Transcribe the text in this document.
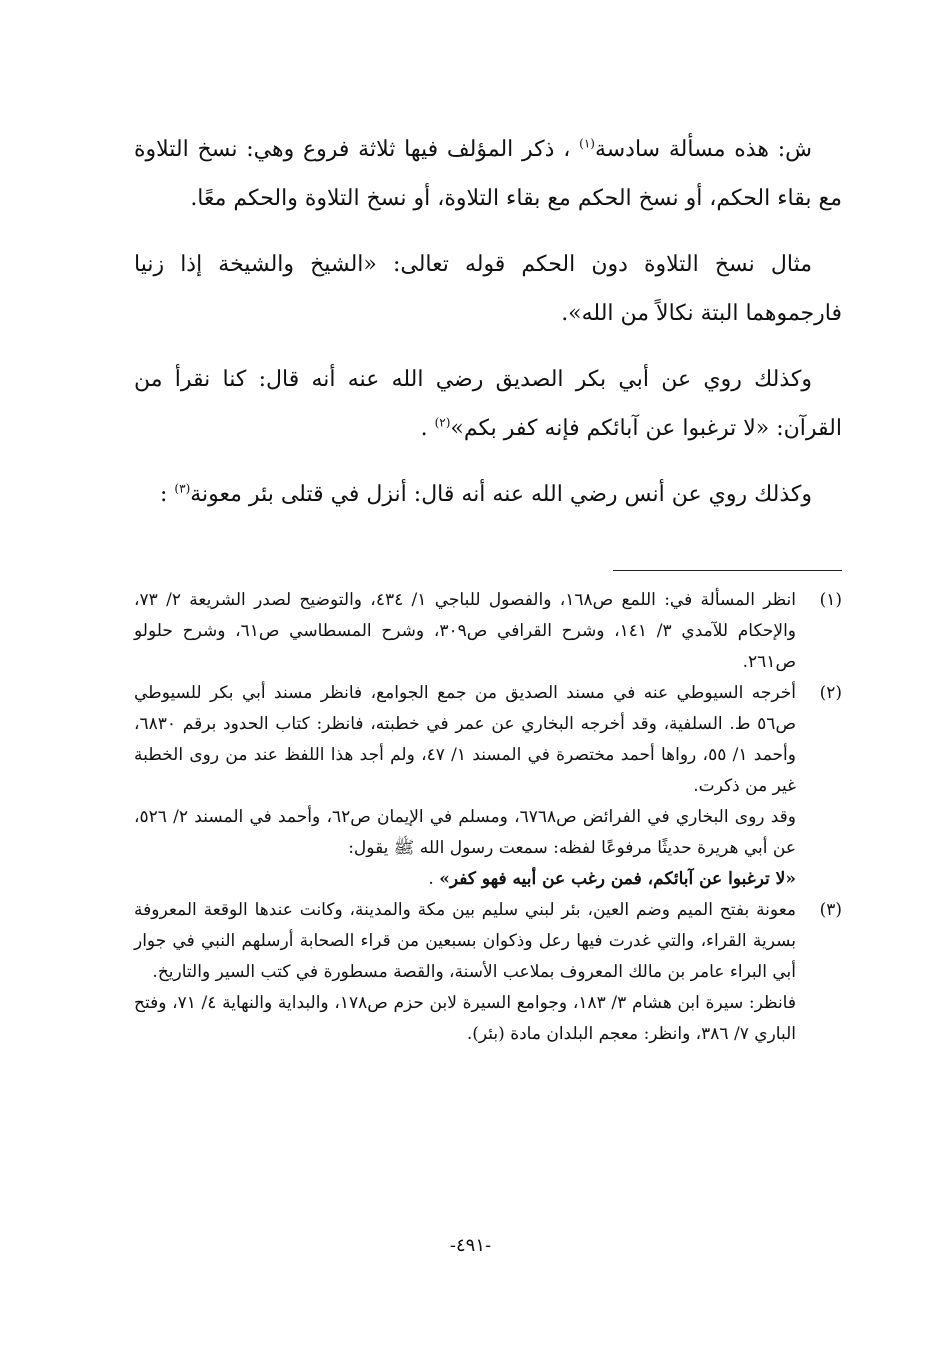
ش: هذه مسألة سادسة$^{(١)}$ ، ذكر المؤلف فيها ثلاثة فروع وهي: نسخ التلاوة مع بقاء الحكم، أو نسخ الحكم مع بقاء التلاوة، أو نسخ التلاوة والحكم معًا.

مثال نسخ التلاوة دون الحكم قوله تعالى: «الشيخ والشيخة إذا زنيا فارجموهما البتة نكالاً من الله».

وكذلك روي عن أبي بكر الصديق رضي الله عنه أنه قال: كنا نقرأ من القرآن: «لا ترغبوا عن آبائكم فإنه كفر بكم»$^{(٢)}$ .

وكذلك روي عن أنس رضي الله عنه أنه قال: أنزل في قتلى بئر معونة$^{(٣)}$ :

(١)

انظر المسألة في: اللمع ص١٦٨، والفصول للباجي ١/ ٤٣٤، والتوضيح لصدر الشريعة ٢/ ٧٣، والإحكام للآمدي ٣/ ١٤١، وشرح القرافي ص٣٠٩، وشرح المسطاسي ص٦١، وشرح حلولو ص٢٦١.

(٢)

أخرجه السيوطي عنه في مسند الصديق من جمع الجوامع، فانظر مسند أبي بكر للسيوطي ص٥٦ ط. السلفية، وقد أخرجه البخاري عن عمر في خطبته، فانظر: كتاب الحدود برقم ٦٨٣٠، وأحمد ١/ ٥٥، رواها أحمد مختصرة في المسند ١/ ٤٧، ولم أجد هذا اللفظ عند من روى الخطبة غير من ذكرت.

وقد روى البخاري في الفرائض ص٦٧٦٨، ومسلم في الإيمان ص٦٢، وأحمد في المسند ٢/ ٥٢٦، عن أبي هريرة حديثًا مرفوعًا لفظه: سمعت رسول الله ﷺ يقول:

«لا ترغبوا عن آبائكم، فمن رغب عن أبيه فهو كفر» .

(٣)

معونة بفتح الميم وضم العين، بئر لبني سليم بين مكة والمدينة، وكانت عندها الوقعة المعروفة بسرية القراء، والتي غدرت فيها رعل وذكوان بسبعين من قراء الصحابة أرسلهم النبي في جوار أبي البراء عامر بن مالك المعروف بملاعب الأسنة، والقصة مسطورة في كتب السير والتاريخ.

فانظر: سيرة ابن هشام ٣/ ١٨٣، وجوامع السيرة لابن حزم ص١٧٨، والبداية والنهاية ٤/ ٧١، وفتح الباري ٧/ ٣٨٦، وانظر: معجم البلدان مادة (بئر).

-٤٩١-
